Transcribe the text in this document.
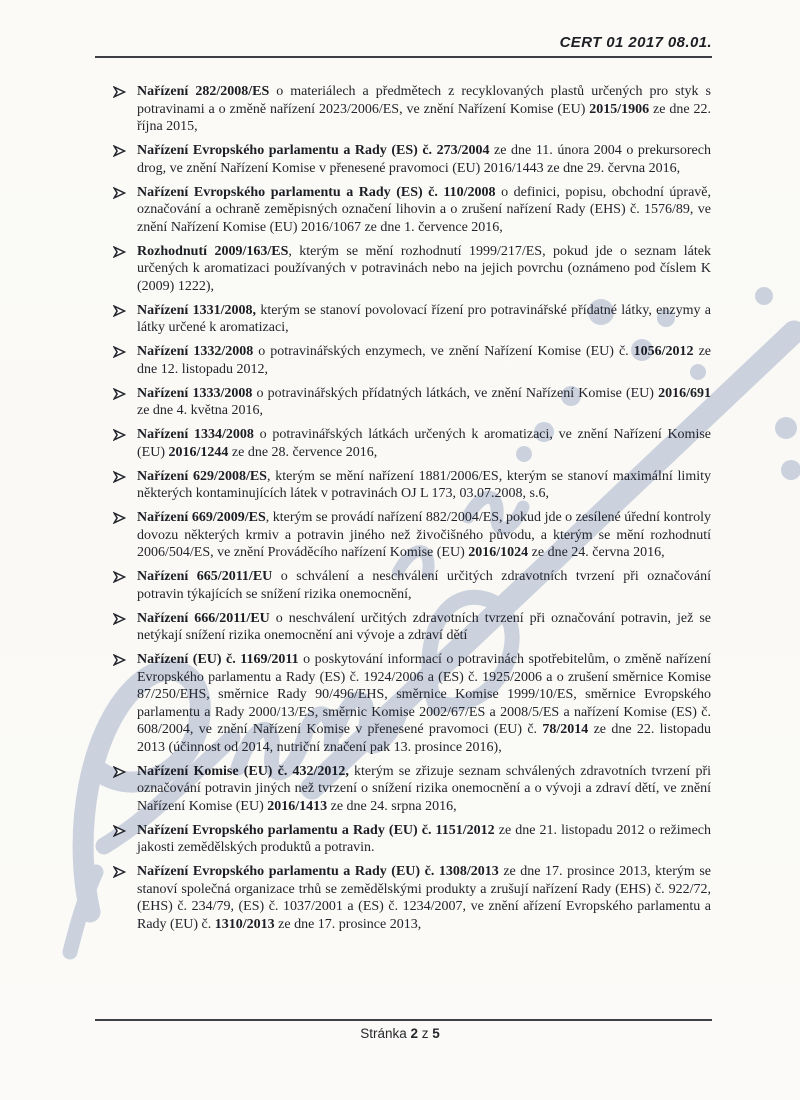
CERT 01 2017 08.01.
Nařízení 282/2008/ES o materiálech a předmětech z recyklovaných plastů určených pro styk s potravinami a o změně nařízení 2023/2006/ES, ve znění Nařízení Komise (EU) 2015/1906 ze dne 22. října 2015,
Nařízení Evropského parlamentu a Rady (ES) č. 273/2004 ze dne 11. února 2004 o prekursorech drog, ve znění Nařízení Komise v přenesené pravomoci (EU) 2016/1443 ze dne 29. června 2016,
Nařízení Evropského parlamentu a Rady (ES) č. 110/2008 o definici, popisu, obchodní úpravě, označování a ochraně zeměpisných označení lihovin a o zrušení nařízení Rady (EHS) č. 1576/89, ve znění Nařízení Komise (EU) 2016/1067 ze dne 1. července 2016,
Rozhodnutí 2009/163/ES, kterým se mění rozhodnutí 1999/217/ES, pokud jde o seznam látek určených k aromatizaci používaných v potravinách nebo na jejich povrchu (oznámeno pod číslem K (2009) 1222),
Nařízení 1331/2008, kterým se stanoví povolovací řízení pro potravinářské přídatné látky, enzymy a látky určené k aromatizaci,
Nařízení 1332/2008 o potravinářských enzymech, ve znění Nařízení Komise (EU) č. 1056/2012 ze dne 12. listopadu 2012,
Nařízení 1333/2008 o potravinářských přídatných látkách, ve znění Nařízení Komise (EU) 2016/691 ze dne 4. května 2016,
Nařízení 1334/2008 o potravinářských látkách určených k aromatizaci, ve znění Nařízení Komise (EU) 2016/1244 ze dne 28. července 2016,
Nařízení 629/2008/ES, kterým se mění nařízení 1881/2006/ES, kterým se stanoví maximální limity některých kontaminujících látek v potravinách OJ L 173, 03.07.2008, s.6,
Nařízení 669/2009/ES, kterým se provádí nařízení 882/2004/ES, pokud jde o zesílené úřední kontroly dovozu některých krmiv a potravin jiného než živočišného původu, a kterým se mění rozhodnutí 2006/504/ES, ve znění Prováděcího nařízení Komise (EU) 2016/1024 ze dne 24. června 2016,
Nařízení 665/2011/EU o schválení a neschválení určitých zdravotních tvrzení při označování potravin týkajících se snížení rizika onemocnění,
Nařízení 666/2011/EU o neschválení určitých zdravotních tvrzení při označování potravin, jež se netýkají snížení rizika onemocnění ani vývoje a zdraví dětí
Nařízení (EU) č. 1169/2011 o poskytování informací o potravinách spotřebitelům, o změně nařízení Evropského parlamentu a Rady (ES) č. 1924/2006 a (ES) č. 1925/2006 a o zrušení směrnice Komise 87/250/EHS, směrnice Rady 90/496/EHS, směrnice Komise 1999/10/ES, směrnice Evropského parlamentu a Rady 2000/13/ES, směrnic Komise 2002/67/ES a 2008/5/ES a nařízení Komise (ES) č. 608/2004, ve znění Nařízení Komise v přenesené pravomoci (EU) č. 78/2014 ze dne 22. listopadu 2013 (účinnost od 2014, nutriční značení pak 13. prosince 2016),
Nařízení Komise (EU) č. 432/2012, kterým se zřizuje seznam schválených zdravotních tvrzení při označování potravin jiných než tvrzení o snížení rizika onemocnění a o vývoji a zdraví dětí, ve znění Nařízení Komise (EU) 2016/1413 ze dne 24. srpna 2016,
Nařízení Evropského parlamentu a Rady (EU) č. 1151/2012 ze dne 21. listopadu 2012 o režimech jakosti zemědělských produktů a potravin.
Nařízení Evropského parlamentu a Rady (EU) č. 1308/2013 ze dne 17. prosince 2013, kterým se stanoví společná organizace trhů se zemědělskými produkty a zrušují nařízení Rady (EHS) č. 922/72, (EHS) č. 234/79, (ES) č. 1037/2001 a (ES) č. 1234/2007, ve znění ařízení Evropského parlamentu a Rady (EU) č. 1310/2013 ze dne 17. prosince 2013,
Stránka 2 z 5
